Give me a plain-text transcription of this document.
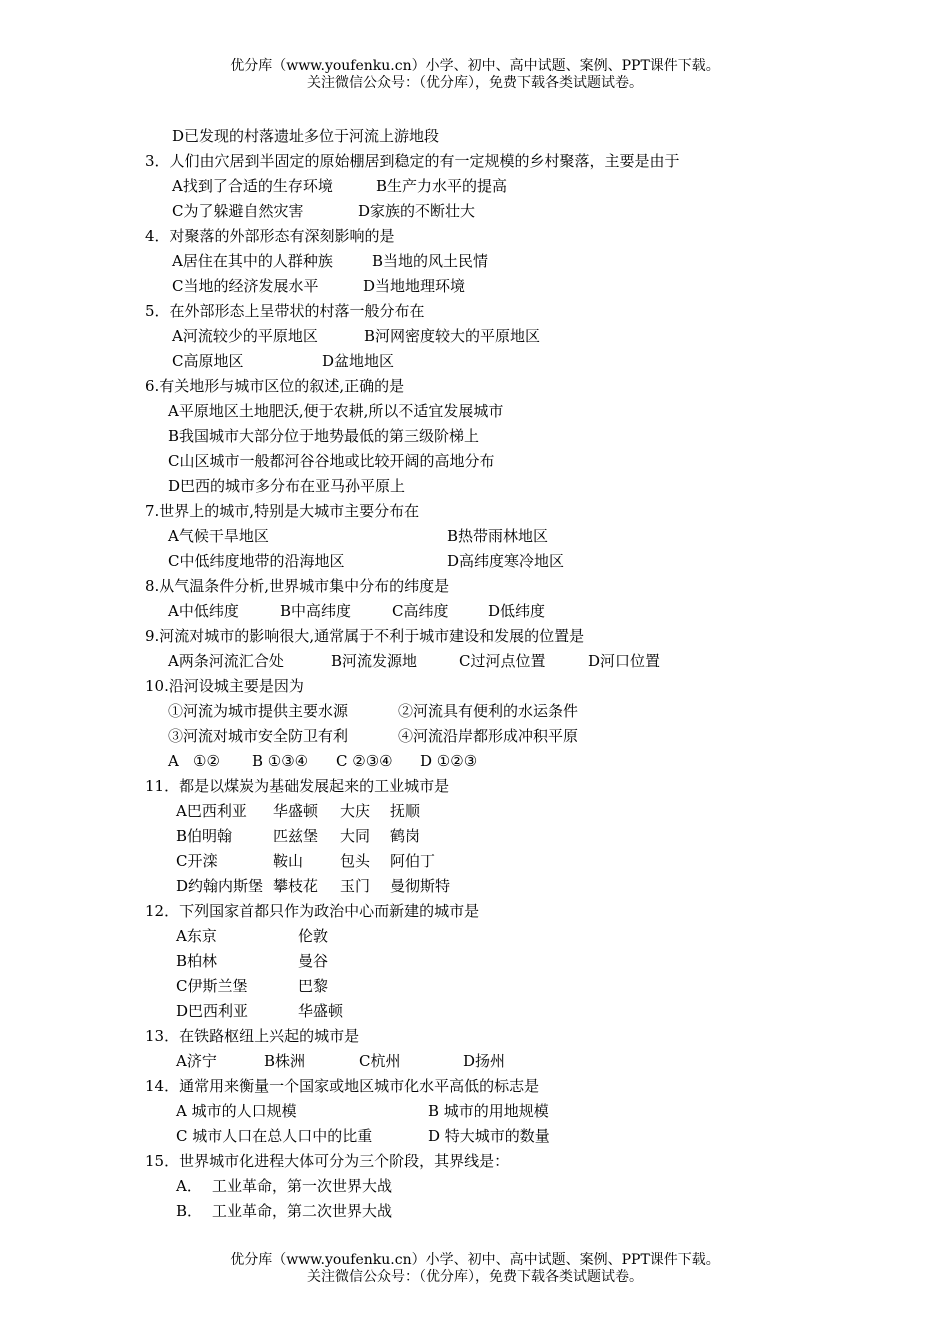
优分库（www.youfenku.cn）小学、初中、高中试题、案例、PPT课件下载。
关注微信公众号：（优分库），免费下载各类试题试卷。
D已发现的村落遗址多位于河流上游地段
3．人们由穴居到半固定的原始棚居到稳定的有一定规模的乡村聚落，主要是由于
A找到了合适的生存环境	B生产力水平的提高
C为了躲避自然灾害	D家族的不断壮大
4．对聚落的外部形态有深刻影响的是
A居住在其中的人群种族	B当地的风土民情
C当地的经济发展水平	D当地地理环境
5．在外部形态上呈带状的村落一般分布在
A河流较少的平原地区	B河网密度较大的平原地区
C高原地区	D盆地地区
6.有关地形与城市区位的叙述,正确的是
A平原地区土地肥沃,便于农耕,所以不适宜发展城市
B我国城市大部分位于地势最低的第三级阶梯上
C山区城市一般都河谷谷地或比较开阔的高地分布
D巴西的城市多分布在亚马孙平原上
7.世界上的城市,特别是大城市主要分布在
A气候干旱地区	B热带雨林地区
C中低纬度地带的沿海地区	D高纬度寒冷地区
8.从气温条件分析,世界城市集中分布的纬度是
A中低纬度	B中高纬度	C高纬度	D低纬度
9.河流对城市的影响很大,通常属于不利于城市建设和发展的位置是
A两条河流汇合处	B河流发源地	C过河点位置	D河口位置
10.沿河设城主要是因为
①河流为城市提供主要水源	②河流具有便利的水运条件
③河流对城市安全防卫有利	④河流沿岸都形成冲积平原
A ①② B ①③④ C ②③④ D ①②③
11．都是以煤炭为基础发展起来的工业城市是
A巴西利亚 华盛顿 大庆 抚顺
B伯明翰	匹兹堡 大同 鹤岗
C开滦	鞍山 包头 阿伯丁
D约翰内斯堡 攀枝花 玉门 曼彻斯特
12．下列国家首都只作为政治中心而新建的城市是
A东京	伦敦
B柏林	曼谷
C伊斯兰堡	巴黎
D巴西利亚	华盛顿
13．在铁路枢纽上兴起的城市是
A济宁	B株洲	C杭州	D扬州
14．通常用来衡量一个国家或地区城市化水平高低的标志是
A 城市的人口规模	B 城市的用地规模
C 城市人口在总人口中的比重	D 特大城市的数量
15．世界城市化进程大体可分为三个阶段，其界线是：
A． 工业革命，第一次世界大战
B． 工业革命，第二次世界大战
优分库（www.youfenku.cn）小学、初中、高中试题、案例、PPT课件下载。
关注微信公众号：（优分库），免费下载各类试题试卷。
